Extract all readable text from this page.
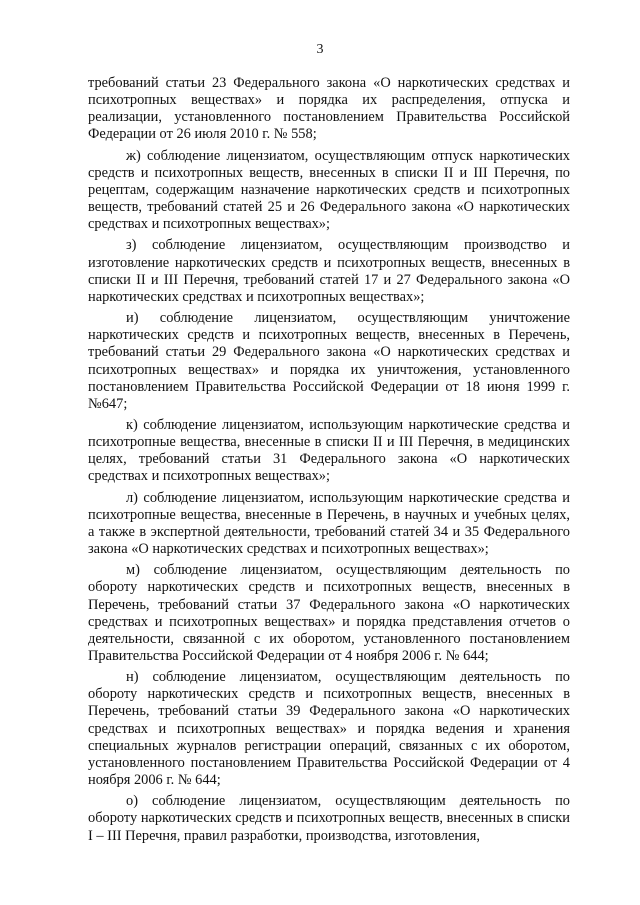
3

требований статьи 23 Федерального закона «О наркотических средствах и психотропных веществах» и порядка их распределения, отпуска и реализации, установленного постановлением Правительства Российской Федерации от 26 июля 2010 г. № 558;

ж) соблюдение лицензиатом, осуществляющим отпуск наркотических средств и психотропных веществ, внесенных в списки II и III Перечня, по рецептам, содержащим назначение наркотических средств и психотропных веществ, требований статей 25 и 26 Федерального закона «О наркотических средствах и психотропных веществах»;

з) соблюдение лицензиатом, осуществляющим производство и изготовление наркотических средств и психотропных веществ, внесенных в списки II и III Перечня, требований статей 17 и 27 Федерального закона «О наркотических средствах и психотропных веществах»;

и) соблюдение лицензиатом, осуществляющим уничтожение наркотических средств и психотропных веществ, внесенных в Перечень, требований статьи 29 Федерального закона «О наркотических средствах и психотропных веществах» и порядка их уничтожения, установленного постановлением Правительства Российской Федерации от 18 июня 1999 г. №647;

к) соблюдение лицензиатом, использующим наркотические средства и психотропные вещества, внесенные в списки II и III Перечня, в медицинских целях, требований статьи 31 Федерального закона «О наркотических средствах и психотропных веществах»;

л) соблюдение лицензиатом, использующим наркотические средства и психотропные вещества, внесенные в Перечень, в научных и учебных целях, а также в экспертной деятельности, требований статей 34 и 35 Федерального закона «О наркотических средствах и психотропных веществах»;

м) соблюдение лицензиатом, осуществляющим деятельность по обороту наркотических средств и психотропных веществ, внесенных в Перечень, требований статьи 37 Федерального закона «О наркотических средствах и психотропных веществах» и порядка представления отчетов о деятельности, связанной с их оборотом, установленного постановлением Правительства Российской Федерации от 4 ноября 2006 г. № 644;

н) соблюдение лицензиатом, осуществляющим деятельность по обороту наркотических средств и психотропных веществ, внесенных в Перечень, требований статьи 39 Федерального закона «О наркотических средствах и психотропных веществах» и порядка ведения и хранения специальных журналов регистрации операций, связанных с их оборотом, установленного постановлением Правительства Российской Федерации от 4 ноября 2006 г. № 644;

о) соблюдение лицензиатом, осуществляющим деятельность по обороту наркотических средств и психотропных веществ, внесенных в списки I – III Перечня, правил разработки, производства, изготовления,
